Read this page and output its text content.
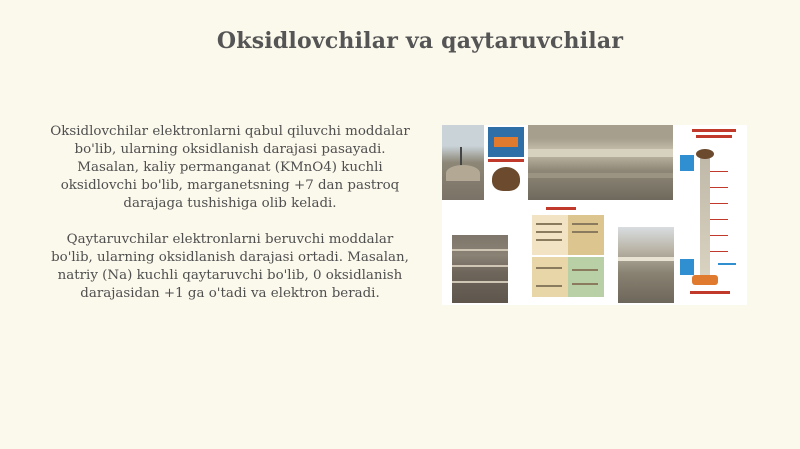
Oksidlovchilar va qaytaruvchilar

Oksidlovchilar elektronlarni qabul qiluvchi moddalar bo'lib, ularning oksidlanish darajasi pasayadi. Masalan, kaliy permanganat (KMnO4) kuchli oksidlovchi bo'lib, marganetsning +7 dan pastroq darajaga tushishiga olib keladi.

Qaytaruvchilar elektronlarni beruvchi moddalar bo'lib, ularning oksidlanish darajasi ortadi. Masalan, natriy (Na) kuchli qaytaruvchi bo'lib, 0 oksidlanish darajasidan +1 ga o'tadi va elektron beradi.
